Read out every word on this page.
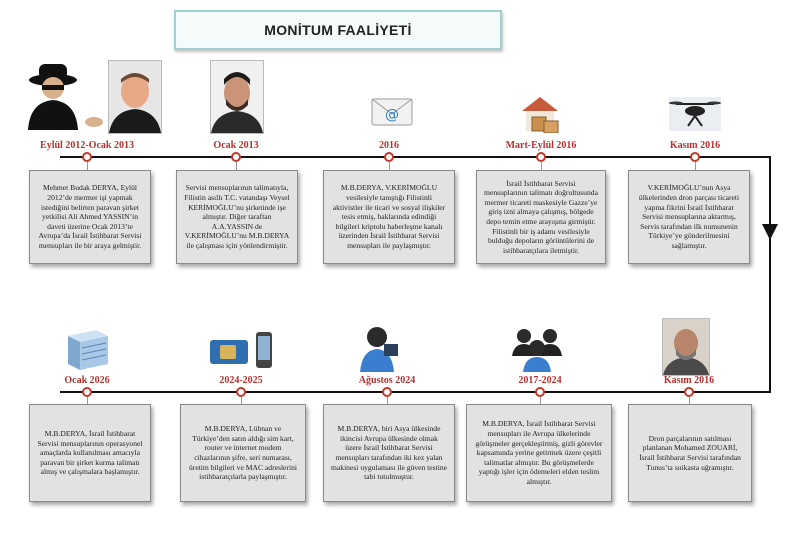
MONİTUM FAALİYETİ
Eylül 2012-Ocak 2013
Mehmet Budak DERYA, Eylül 2012’de mermer işi yapmak istediğini belirten paravan şirket yetkilisi Ali Ahmed YASSIN’in daveti üzerine Ocak 2013’te Avrupa’da İsrail İstihbarat Servisi mensupları ile bir araya gelmiştir.
Ocak 2013
Servisi mensuplarının talimatıyla, Filistin asıllı T.C. vatandaşı Veysel KERİMOĞLU’nu şirketinde işe almıştır. Diğer taraftan A.A.YASSIN de V.KERİMOĞLU’nu M.B.DERYA ile çalışması için yönlendirmiştir.
@
2016
M.B.DERYA, V.KERİMOĞLU vesilesiyle tanıştığı Filistinli aktivistler ile ticari ve sosyal ilişkiler tesis etmiş, haklarında edindiği bilgileri kriptolu haberleşme kanalı üzerinden İsrail İstihbarat Servisi mensupları ile paylaşmıştır.
Mart-Eylül 2016
İsrail İstihbarat Servisi mensuplarının talimatı doğrultusunda mermer ticareti maskesiyle Gazze’ye giriş izni almaya çalışmış, bölgede depo temin etme arayışına girmiştir. Filistinli bir iş adamı vesilesiyle bulduğu depoların görüntülerini de istihbaratçılara iletmiştir.
Kasım 2016
V.KERİMOĞLU’nun Asya ülkelerinden dron parçası ticareti yapma fikrini İsrail İstihbarat Servisi mensuplarına aktarmış, Servis tarafından ilk numunenin Türkiye’ye gönderilmesini sağlamıştır.
Ocak 2026
M.B.DERYA, İsrail İstihbarat Servisi mensuplarının operasyonel amaçlarda kullanılması amacıyla paravan bir şirket kurma talimatı almış ve çalışmalara başlamıştır.
2024-2025
M.B.DERYA, Lübnan ve Türkiye’den satın aldığı sim kart, router ve internet modem cihazlarının şifre, seri numarası, üretim bilgileri ve MAC adreslerini istihbaratçılarla paylaşmıştır.
Ağustos 2024
M.B.DERYA, biri Asya ülkesinde ikincisi Avrupa ülkesinde olmak üzere İsrail İstihbarat Servisi mensupları tarafından iki kez yalan makinesi uygulaması ile güven testine tabi tutulmuştur.
2017-2024
M.B.DERYA, İsrail İstihbarat Servisi mensupları ile Avrupa ülkelerinde görüşmeler gerçekleştirmiş, gizli görevler kapsamında yerine getirmek üzere çeşitli talimatlar almıştır. Bu görüşmelerde yaptığı işler için ödemeleri elden teslim almıştır.
Kasım 2016
Dron parçalarının satılması planlanan Mohamed ZOUARİ, İsrail İstihbarat Servisi tarafından Tunus’ta suikasta uğramıştır.
